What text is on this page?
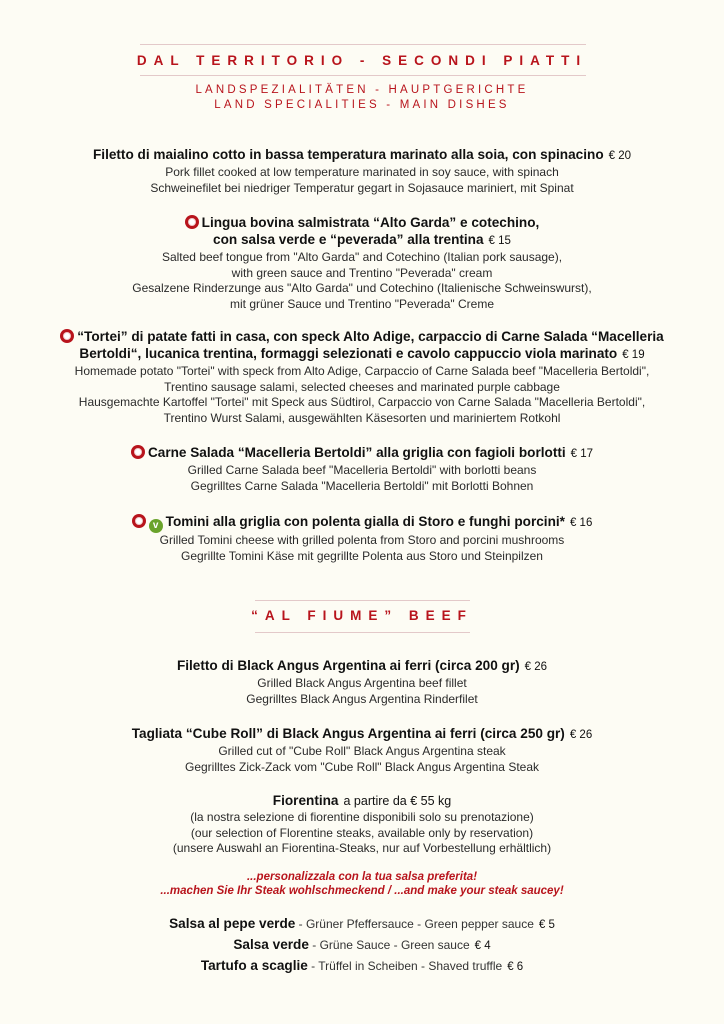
DAL TERRITORIO - SECONDI PIATTI
LANDSPEZIALITÄTEN - HAUPTGERICHTE
LAND SPECIALITIES - MAIN DISHES
Filetto di maialino cotto in bassa temperatura marinato alla soia, con spinacino € 20
Pork fillet cooked at low temperature marinated in soy sauce, with spinach
Schweinefilet bei niedriger Temperatur gegart in Sojasauce mariniert, mit Spinat
Lingua bovina salmistrata “Alto Garda” e cotechino,
con salsa verde e “peverada” alla trentina € 15
Salted beef tongue from "Alto Garda" and Cotechino (Italian pork sausage),
with green sauce and Trentino "Peverada" cream
Gesalzene Rinderzunge aus "Alto Garda" und Cotechino (Italienische Schweinswurst),
mit grüner Sauce und Trentino "Peverada" Creme
“Tortei” di patate fatti in casa, con speck Alto Adige, carpaccio di Carne Salada “Macelleria
Bertoldi“, lucanica trentina, formaggi selezionati e cavolo cappuccio viola marinato € 19
Homemade potato "Tortei" with speck from Alto Adige, Carpaccio of Carne Salada beef "Macelleria Bertoldi",
Trentino sausage salami, selected cheeses and marinated purple cabbage
Hausgemachte Kartoffel "Tortei" mit Speck aus Südtirol, Carpaccio von Carne Salada "Macelleria Bertoldi",
Trentino Wurst Salami, ausgewählten Käsesorten und mariniertem Rotkohl
Carne Salada “Macelleria Bertoldi” alla griglia con fagioli borlotti € 17
Grilled Carne Salada beef "Macelleria Bertoldi" with borlotti beans
Gegrilltes Carne Salada "Macelleria Bertoldi" mit Borlotti Bohnen
v Tomini alla griglia con polenta gialla di Storo e funghi porcini* € 16
Grilled Tomini cheese with grilled polenta from Storo and porcini mushrooms
Gegrillte Tomini Käse mit gegrillte Polenta aus Storo und Steinpilzen
“AL FIUME” BEEF
Filetto di Black Angus Argentina ai ferri (circa 200 gr) € 26
Grilled Black Angus Argentina beef fillet
Gegrilltes Black Angus Argentina Rinderfilet
Tagliata “Cube Roll” di Black Angus Argentina ai ferri (circa 250 gr) € 26
Grilled cut of "Cube Roll" Black Angus Argentina steak
Gegrilltes Zick-Zack vom "Cube Roll" Black Angus Argentina Steak
Fiorentina a partire da € 55 kg
(la nostra selezione di fiorentine disponibili solo su prenotazione)
(our selection of Florentine steaks, available only by reservation)
(unsere Auswahl an Fiorentina-Steaks, nur auf Vorbestellung erhältlich)
...personalizzala con la tua salsa preferita!
...machen Sie Ihr Steak wohlschmeckend / ...and make your steak saucey!
Salsa al pepe verde - Grüner Pfeffersauce - Green pepper sauce € 5
Salsa verde - Grüne Sauce - Green sauce € 4
Tartufo a scaglie - Trüffel in Scheiben - Shaved truffle € 6
